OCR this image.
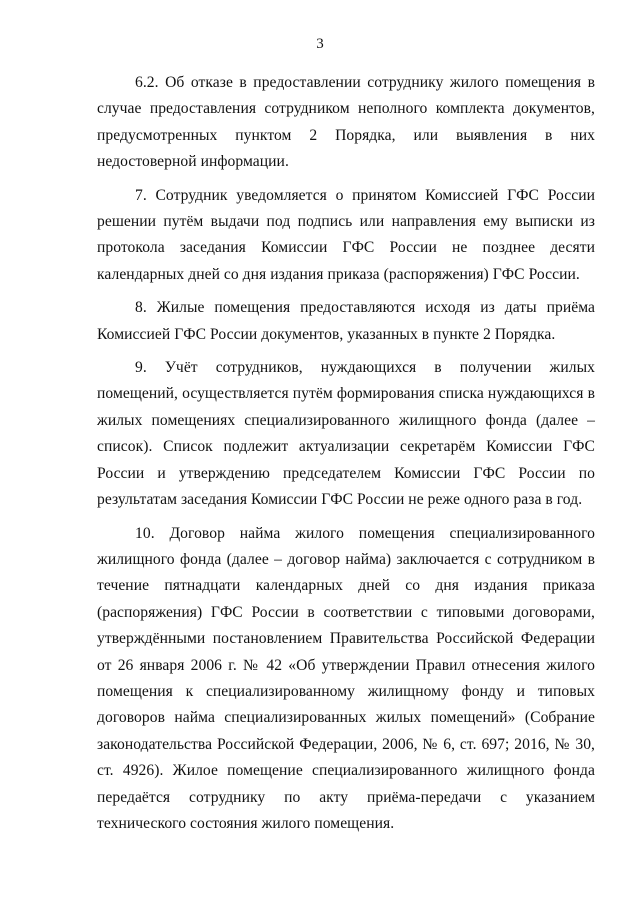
3

6.2. Об отказе в предоставлении сотруднику жилого помещения в случае предоставления сотрудником неполного комплекта документов, предусмотренных пунктом 2 Порядка, или выявления в них недостоверной информации.

7. Сотрудник уведомляется о принятом Комиссией ГФС России решении путём выдачи под подпись или направления ему выписки из протокола заседания Комиссии ГФС России не позднее десяти календарных дней со дня издания приказа (распоряжения) ГФС России.

8. Жилые помещения предоставляются исходя из даты приёма Комиссией ГФС России документов, указанных в пункте 2 Порядка.

9. Учёт сотрудников, нуждающихся в получении жилых помещений, осуществляется путём формирования списка нуждающихся в жилых помещениях специализированного жилищного фонда (далее – список). Список подлежит актуализации секретарём Комиссии ГФС России и утверждению председателем Комиссии ГФС России по результатам заседания Комиссии ГФС России не реже одного раза в год.

10. Договор найма жилого помещения специализированного жилищного фонда (далее – договор найма) заключается с сотрудником в течение пятнадцати календарных дней со дня издания приказа (распоряжения) ГФС России в соответствии с типовыми договорами, утверждёнными постановлением Правительства Российской Федерации от 26 января 2006 г. № 42 «Об утверждении Правил отнесения жилого помещения к специализированному жилищному фонду и типовых договоров найма специализированных жилых помещений» (Собрание законодательства Российской Федерации, 2006, № 6, ст. 697; 2016, № 30, ст. 4926). Жилое помещение специализированного жилищного фонда передаётся сотруднику по акту приёма-передачи с указанием технического состояния жилого помещения.
